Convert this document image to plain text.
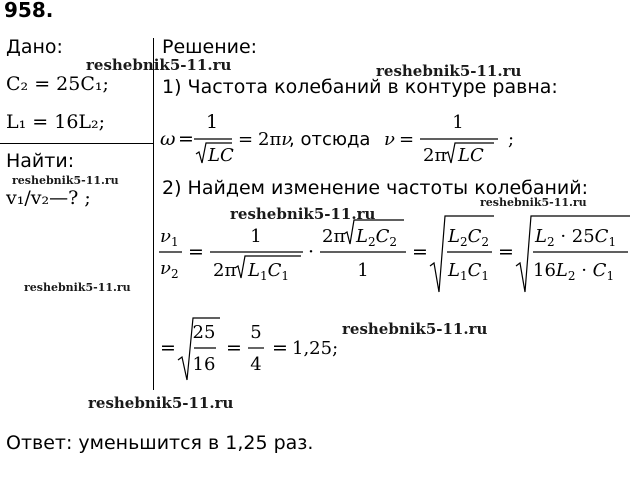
958.
Дано:
C₂ = 25C₁;
L₁ = 16L₂;
Найти:
v₁/v₂—? ;
Решение:
1) Частота колебаний в контуре равна:
2) Найдем изменение частоты колебаний:
ω =
1
LC
= 2πν
, отсюда ν =
1
2π LC
;
$\nu_1$
$\nu_2$
=
1
2π $L_1C_1$
·
2π $L_2C_2$
1
=
$L_2C_2$
$L_1C_1$
=
$L_2 \cdot 25C_1$
$16L_2 \cdot C_1$
=
25
16
=
5
4
= 1,25;
Ответ: уменьшится в 1,25 раз.
reshebnik5-11.ru	reshebnik5-11.ru
reshebnik5-11.ru
reshebnik5-11.ru
reshebnik5-11.ru
reshebnik5-11.ru
reshebnik5-11.ru
reshebnik5-11.ru
